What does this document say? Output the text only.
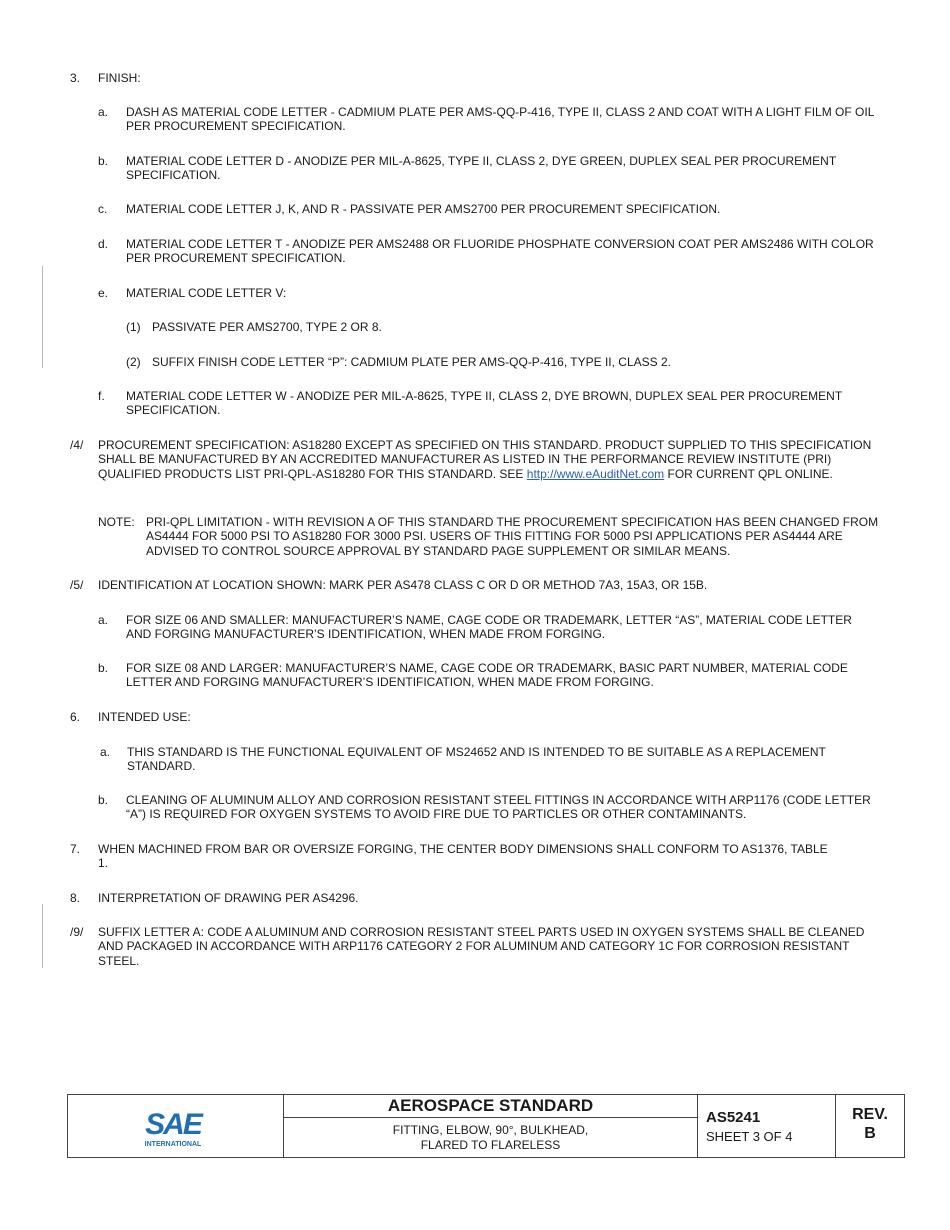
3. FINISH:
a. DASH AS MATERIAL CODE LETTER - CADMIUM PLATE PER AMS-QQ-P-416, TYPE II, CLASS 2 AND COAT WITH A LIGHT FILM OF OIL PER PROCUREMENT SPECIFICATION.
b. MATERIAL CODE LETTER D - ANODIZE PER MIL-A-8625, TYPE II, CLASS 2, DYE GREEN, DUPLEX SEAL PER PROCUREMENT SPECIFICATION.
c. MATERIAL CODE LETTER J, K, AND R - PASSIVATE PER AMS2700 PER PROCUREMENT SPECIFICATION.
d. MATERIAL CODE LETTER T - ANODIZE PER AMS2488 OR FLUORIDE PHOSPHATE CONVERSION COAT PER AMS2486 WITH COLOR PER PROCUREMENT SPECIFICATION.
e. MATERIAL CODE LETTER V:
(1) PASSIVATE PER AMS2700, TYPE 2 OR 8.
(2) SUFFIX FINISH CODE LETTER “P”: CADMIUM PLATE PER AMS-QQ-P-416, TYPE II, CLASS 2.
f. MATERIAL CODE LETTER W - ANODIZE PER MIL-A-8625, TYPE II, CLASS 2, DYE BROWN, DUPLEX SEAL PER PROCUREMENT SPECIFICATION.
/4/ PROCUREMENT SPECIFICATION: AS18280 EXCEPT AS SPECIFIED ON THIS STANDARD. PRODUCT SUPPLIED TO THIS SPECIFICATION SHALL BE MANUFACTURED BY AN ACCREDITED MANUFACTURER AS LISTED IN THE PERFORMANCE REVIEW INSTITUTE (PRI) QUALIFIED PRODUCTS LIST PRI-QPL-AS18280 FOR THIS STANDARD. SEE http://www.eAuditNet.com FOR CURRENT QPL ONLINE.
NOTE: PRI-QPL LIMITATION - WITH REVISION A OF THIS STANDARD THE PROCUREMENT SPECIFICATION HAS BEEN CHANGED FROM AS4444 FOR 5000 PSI TO AS18280 FOR 3000 PSI. USERS OF THIS FITTING FOR 5000 PSI APPLICATIONS PER AS4444 ARE ADVISED TO CONTROL SOURCE APPROVAL BY STANDARD PAGE SUPPLEMENT OR SIMILAR MEANS.
/5/ IDENTIFICATION AT LOCATION SHOWN: MARK PER AS478 CLASS C OR D OR METHOD 7A3, 15A3, OR 15B.
a. FOR SIZE 06 AND SMALLER: MANUFACTURER’S NAME, CAGE CODE OR TRADEMARK, LETTER “AS”, MATERIAL CODE LETTER AND FORGING MANUFACTURER’S IDENTIFICATION, WHEN MADE FROM FORGING.
b. FOR SIZE 08 AND LARGER: MANUFACTURER’S NAME, CAGE CODE OR TRADEMARK, BASIC PART NUMBER, MATERIAL CODE LETTER AND FORGING MANUFACTURER’S IDENTIFICATION, WHEN MADE FROM FORGING.
6. INTENDED USE:
a. THIS STANDARD IS THE FUNCTIONAL EQUIVALENT OF MS24652 AND IS INTENDED TO BE SUITABLE AS A REPLACEMENT STANDARD.
b. CLEANING OF ALUMINUM ALLOY AND CORROSION RESISTANT STEEL FITTINGS IN ACCORDANCE WITH ARP1176 (CODE LETTER “A”) IS REQUIRED FOR OXYGEN SYSTEMS TO AVOID FIRE DUE TO PARTICLES OR OTHER CONTAMINANTS.
7. WHEN MACHINED FROM BAR OR OVERSIZE FORGING, THE CENTER BODY DIMENSIONS SHALL CONFORM TO AS1376, TABLE 1.
8. INTERPRETATION OF DRAWING PER AS4296.
/9/ SUFFIX LETTER A: CODE A ALUMINUM AND CORROSION RESISTANT STEEL PARTS USED IN OXYGEN SYSTEMS SHALL BE CLEANED AND PACKAGED IN ACCORDANCE WITH ARP1176 CATEGORY 2 FOR ALUMINUM AND CATEGORY 1C FOR CORROSION RESISTANT STEEL.
SAE
INTERNATIONAL
AEROSPACE STANDARD
FITTING, ELBOW, 90°, BULKHEAD,
FLARED TO FLARELESS
AS5241
SHEET 3 OF 4
REV.
B
